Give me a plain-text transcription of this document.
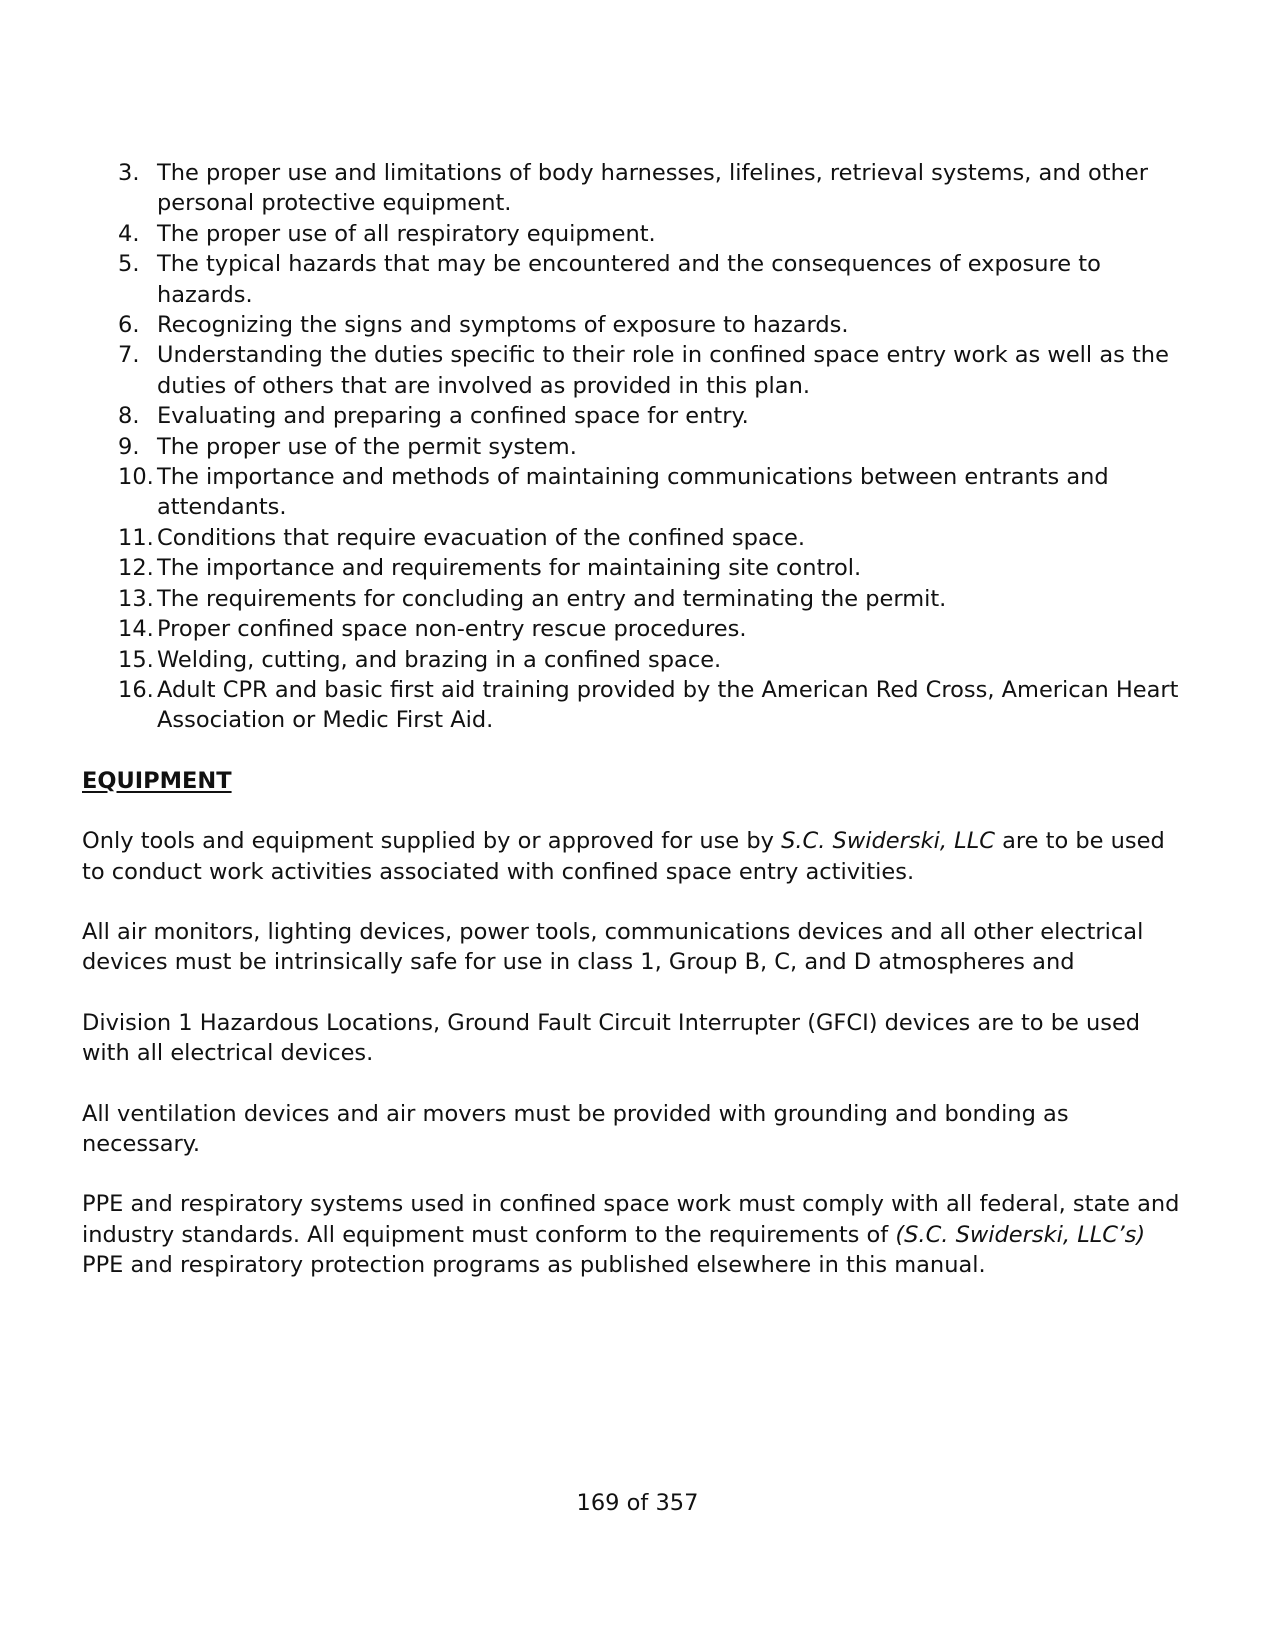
3. The proper use and limitations of body harnesses, lifelines, retrieval systems, and other personal protective equipment.
4. The proper use of all respiratory equipment.
5. The typical hazards that may be encountered and the consequences of exposure to hazards.
6. Recognizing the signs and symptoms of exposure to hazards.
7. Understanding the duties specific to their role in confined space entry work as well as the duties of others that are involved as provided in this plan.
8. Evaluating and preparing a confined space for entry.
9. The proper use of the permit system.
10. The importance and methods of maintaining communications between entrants and attendants.
11. Conditions that require evacuation of the confined space.
12. The importance and requirements for maintaining site control.
13. The requirements for concluding an entry and terminating the permit.
14. Proper confined space non-entry rescue procedures.
15. Welding, cutting, and brazing in a confined space.
16. Adult CPR and basic first aid training provided by the American Red Cross, American Heart Association or Medic First Aid.
EQUIPMENT

Only tools and equipment supplied by or approved for use by S.C. Swiderski, LLC are to be used to conduct work activities associated with confined space entry activities.

All air monitors, lighting devices, power tools, communications devices and all other electrical devices must be intrinsically safe for use in class 1, Group B, C, and D atmospheres and

Division 1 Hazardous Locations, Ground Fault Circuit Interrupter (GFCI) devices are to be used with all electrical devices.

All ventilation devices and air movers must be provided with grounding and bonding as necessary.

PPE and respiratory systems used in confined space work must comply with all federal, state and industry standards. All equipment must conform to the requirements of (S.C. Swiderski, LLC’s) PPE and respiratory protection programs as published elsewhere in this manual.

169 of 357
